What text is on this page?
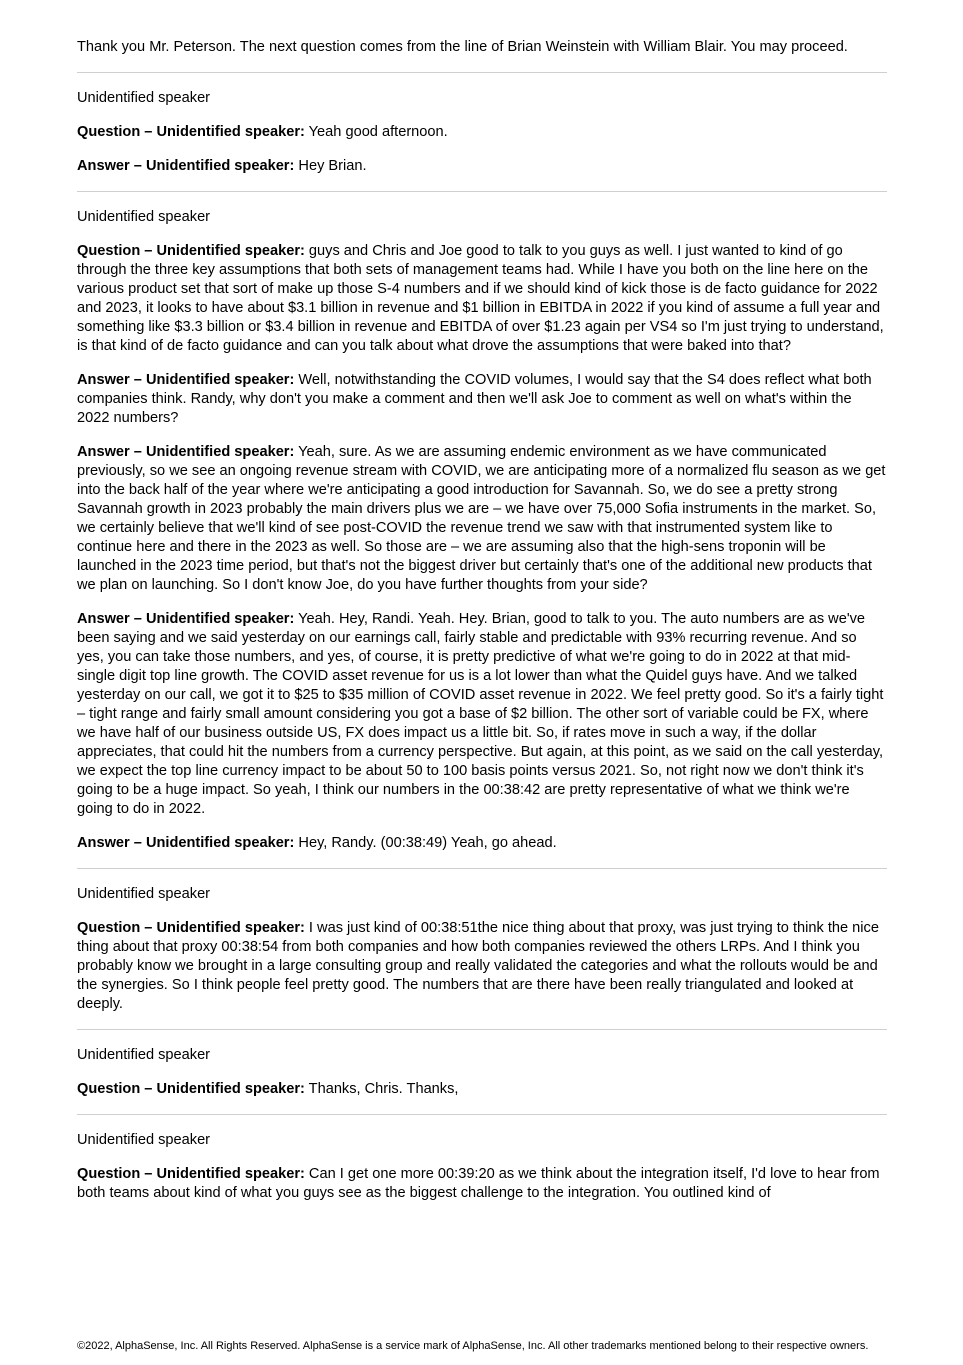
Thank you Mr. Peterson. The next question comes from the line of Brian Weinstein with William Blair. You may proceed.

Unidentified speaker

Question – Unidentified speaker: Yeah good afternoon.

Answer – Unidentified speaker: Hey Brian.

Unidentified speaker

Question – Unidentified speaker: guys and Chris and Joe good to talk to you guys as well. I just wanted to kind of go through the three key assumptions that both sets of management teams had. While I have you both on the line here on the various product set that sort of make up those S-4 numbers and if we should kind of kick those is de facto guidance for 2022 and 2023, it looks to have about $3.1 billion in revenue and $1 billion in EBITDA in 2022 if you kind of assume a full year and something like $3.3 billion or $3.4 billion in revenue and EBITDA of over $1.23 again per VS4 so I'm just trying to understand, is that kind of de facto guidance and can you talk about what drove the assumptions that were baked into that?

Answer – Unidentified speaker: Well, notwithstanding the COVID volumes, I would say that the S4 does reflect what both companies think. Randy, why don't you make a comment and then we'll ask Joe to comment as well on what's within the 2022 numbers?

Answer – Unidentified speaker: Yeah, sure. As we are assuming endemic environment as we have communicated previously, so we see an ongoing revenue stream with COVID, we are anticipating more of a normalized flu season as we get into the back half of the year where we're anticipating a good introduction for Savannah. So, we do see a pretty strong Savannah growth in 2023 probably the main drivers plus we are – we have over 75,000 Sofia instruments in the market. So, we certainly believe that we'll kind of see post-COVID the revenue trend we saw with that instrumented system like to continue here and there in the 2023 as well. So those are – we are assuming also that the high-sens troponin will be launched in the 2023 time period, but that's not the biggest driver but certainly that's one of the additional new products that we plan on launching. So I don't know Joe, do you have further thoughts from your side?

Answer – Unidentified speaker: Yeah. Hey, Randi. Yeah. Hey. Brian, good to talk to you. The auto numbers are as we've been saying and we said yesterday on our earnings call, fairly stable and predictable with 93% recurring revenue. And so yes, you can take those numbers, and yes, of course, it is pretty predictive of what we're going to do in 2022 at that mid-single digit top line growth. The COVID asset revenue for us is a lot lower than what the Quidel guys have. And we talked yesterday on our call, we got it to $25 to $35 million of COVID asset revenue in 2022. We feel pretty good. So it's a fairly tight – tight range and fairly small amount considering you got a base of $2 billion. The other sort of variable could be FX, where we have half of our business outside US, FX does impact us a little bit. So, if rates move in such a way, if the dollar appreciates, that could hit the numbers from a currency perspective. But again, at this point, as we said on the call yesterday, we expect the top line currency impact to be about 50 to 100 basis points versus 2021. So, not right now we don't think it's going to be a huge impact. So yeah, I think our numbers in the 00:38:42 are pretty representative of what we think we're going to do in 2022.

Answer – Unidentified speaker: Hey, Randy. (00:38:49) Yeah, go ahead.

Unidentified speaker

Question – Unidentified speaker: I was just kind of 00:38:51the nice thing about that proxy, was just trying to think the nice thing about that proxy 00:38:54 from both companies and how both companies reviewed the others LRPs. And I think you probably know we brought in a large consulting group and really validated the categories and what the rollouts would be and the synergies. So I think people feel pretty good. The numbers that are there have been really triangulated and looked at deeply.

Unidentified speaker

Question – Unidentified speaker: Thanks, Chris. Thanks,

Unidentified speaker

Question – Unidentified speaker: Can I get one more 00:39:20 as we think about the integration itself, I'd love to hear from both teams about kind of what you guys see as the biggest challenge to the integration. You outlined kind of

©2022, AlphaSense, Inc. All Rights Reserved. AlphaSense is a service mark of AlphaSense, Inc. All other trademarks mentioned belong to their respective owners.
